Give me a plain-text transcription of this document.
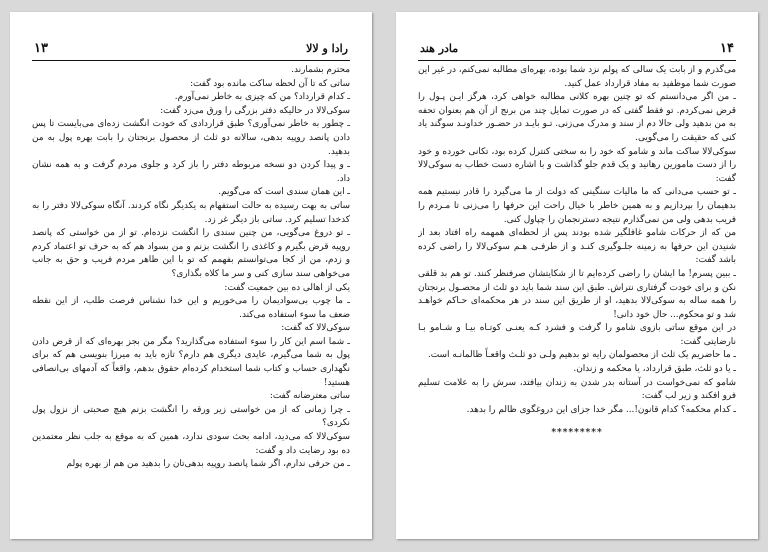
۱۳	رادا و لالا

محترم بشمارند.

ساتی که تا آن لحظه ساکت مانده بود گفت:

ـ کدام قرارداد؟ من که چیزی به خاطر نمی‌آورم.

سوکی‌لالا در حالیکه دفتر بزرگی را ورق می‌زد گفت:

ـ چطور به خاطر نمی‌آوری؟ طبق قراردادی که خودت انگشت زده‌ای می‌بایست تا پس دادن پانصد روپیه بدهی، سالانه دو ثلث از محصول برنجتان را بابت بهره پول به من بدهید.

ـ و پیدا کردن دو نسخه مربوطه دفتر را باز کرد و جلوی مردم گرفت و به همه نشان داد.

ـ این همان سندی است که می‌گویم.

ساتی به بهت رسیده به حالت استفهام به یکدیگر نگاه کردند. آنگاه سوکی‌لالا دفتر را به کدخدا تسلیم کرد. ساتی باز دیگر غر زد.

ـ تو دروغ می‌گویی، من چنین سندی را انگشت نزده‌ام. تو از من خواستی که پانصد روپیه قرض بگیرم و کاغذی را انگشت بزنم و من بسواد هم که به حرف تو اعتماد کردم و زدم، من از کجا می‌توانستم بفهمم که تو با این ظاهر مردم فریب و حق به جانب می‌خواهی سند سازی کنی و سر ما کلاه بگذاری؟

یکی از اهالی ده بین جمعیت گفت:

ـ ما چوب بی‌سوادیمان را می‌خوریم و این خدا نشناس فرصت طلب، از این نقطه ضعف ما سوء استفاده می‌کند.

سوکی‌لالا که گفت:

ـ شما اسم این کار را سوء استفاده می‌گذارید؟ مگر من بجز بهره‌ای که از قرض دادن پول به شما می‌گیرم، عایدی دیگری هم دارم؟ تازه باید به میرزا بنویسی هم که برای نگهداری حساب و کتاب شما استخدام کرده‌ام حقوق بدهم، واقعاً که آدمهای بی‌انصافی هستید!

ساتی معترضانه گفت:

ـ چرا زمانی که از من خواستی زیر ورقه را انگشت بزنم هیچ صحبتی از نزول پول نکردی؟

سوکی‌لالا که می‌دید، ادامه بحث سودی ندارد، همین که به موقع به جلب نظر معتمدین ده بود رضایت داد و گفت:

ـ من حرفی ندارم، اگر شما پانصد روپیه بدهی‌تان را بدهید من هم از بهره پولم

۱۴
مادر هند

می‌گذرم و از بابت یک سالی که پولم نزد شما بوده، بهره‌ای مطالبه نمی‌کنم، در غیر این صورت شما موظفید به مفاد قرارداد عمل کنید.

ـ من اگر می‌دانستم که تو چنین بهره کلانی مطالبه خواهی کرد، هرگز ایـن پـول را قرض نمی‌کردم. تو فقط گفتی که در صورت تمایل چند من برنج از آن هم بعنوان تحفه به من بدهید ولی حالا دم از سند و مدرک می‌زنی. تـو بایـد در حضـور خداونـد سوگند یاد کنی که حقیقت را می‌گویی.

سوکی‌لالا ساکت ماند و شامو که خود را به سختی کنترل کرده بود، تکانی خورده و خود را از دست مامورین رهانید و یک قدم جلو گذاشت و با اشاره دست خطاب به سوکی‌لالا گفت:

ـ تو حسب می‌دانی که ما مالیات سنگینی که دولت از ما می‌گیرد را قادر نیستیم همه بدهیمان را بپردازیم و به همین خاطر با خیال راحت این حرفها را می‌زنی تا مـردم را فریب بدهی ولی من نمی‌گذارم نتیجه دسترنجمان را چپاول کنی.

من که از حرکات شامو غافلگیر شده بودند پس از لحظه‌ای همهمه راه افتاد بعد از شنیدن این حرفها به زمینه جلـوگیری کنـد و از طرفـی هـم سوکی‌لالا را راضی کرده باشد گفت:

ـ ببین پسرم! ما ایشان را راضی کرده‌ایم تا از شکایتشان صرفنظر کنند. تو هم بد قلقی نکن و برای خودت گرفتاری نتراش. طبق این سند شما باید دو ثلث از محصـول برنجتان را همه ساله به سوکی‌لالا بدهید، او از طریق این سند در هر محکمه‌ای حـاکم خواهـد شد و تو محکوم... حال خود دانی!

در این موقع ساتی بازوی شامو را گرفت و فشرد کـه یعنـی کوتـاه بیـا و شـامو بـا نارضایتی گفت:

ـ ما حاضریم یک ثلث از محصولمان رایه تو بدهیم ولـی دو ثلـث واقعـاً ظالمانـه است.

ـ یا دو ثلث، طبق قرارداد، یا محکمه و زندان.

شامو که نمی‌خواست در آستانه بدر شدن به زندان بیافتد، سرش را به علامت تسلیم فرو افکند و زیر لب گفت:

ـ کدام محکمه؟ کدام قانون!... مگر خدا جزای این دروغگوی ظالم را بدهد.

*********
